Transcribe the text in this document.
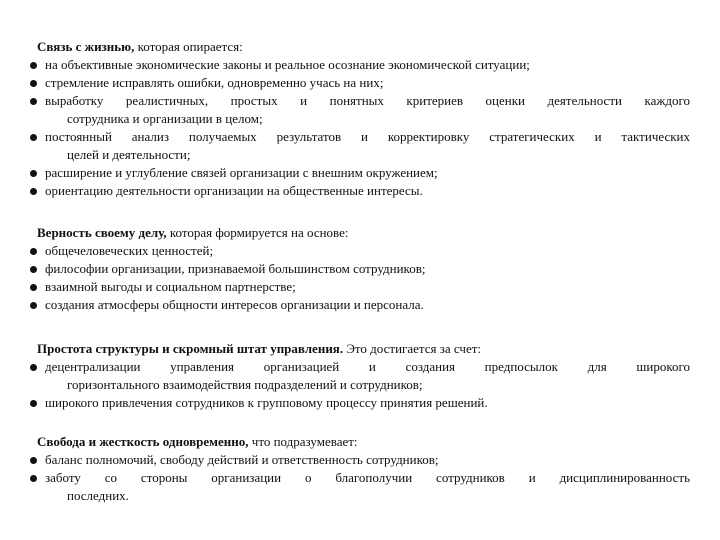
Связь с жизнью, которая опирается:
на объективные экономические законы и реальное осознание экономической ситуации;
стремление исправлять ошибки, одновременно учась на них;
выработку реалистичных, простых и понятных критериев оценки деятельности каждого
сотрудника и организации в целом;
постоянный анализ получаемых результатов и корректировку стратегических и тактических
целей и деятельности;
расширение и углубление связей организации с внешним окружением;
ориентацию деятельности организации на общественные интересы.
Верность своему делу, которая формируется на основе:
общечеловеческих ценностей;
философии организации, признаваемой большинством сотрудников;
взаимной выгоды и социальном партнерстве;
создания атмосферы общности интересов организации и персонала.
Простота структуры и скромный штат управления. Это достигается за счет:
децентрализации управления организацией и создания предпосылок для широкого
горизонтального взаимодействия подразделений и сотрудников;
широкого привлечения сотрудников к групповому процессу принятия решений.
Свобода и жесткость одновременно, что подразумевает:
баланс полномочий, свободу действий и ответственность сотрудников;
заботу со стороны организации о благополучии сотрудников и дисциплинированность
последних.
